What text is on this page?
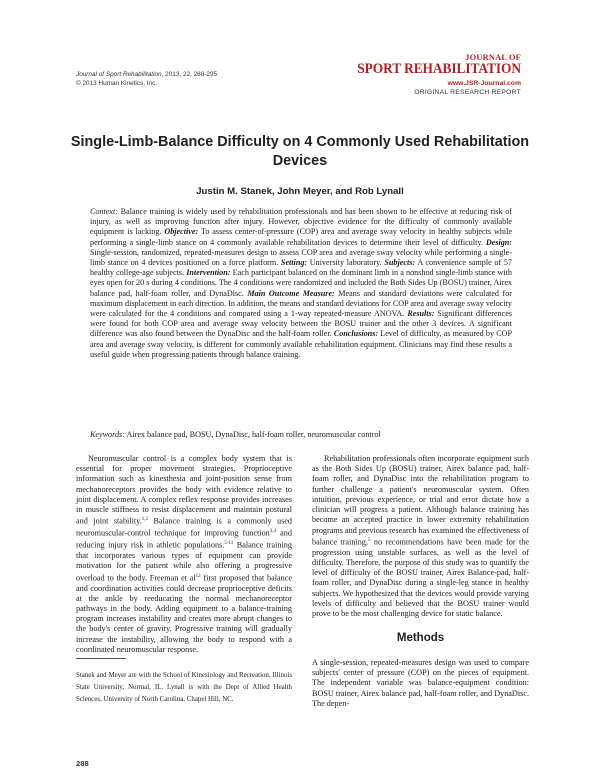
Journal of Sport Rehabilitation, 2013, 22, 288-295
© 2013 Human Kinetics, Inc.
JOURNAL OF
SPORT REHABILITATION
www.JSR-Journal.com
ORIGINAL RESEARCH REPORT
Single-Limb-Balance Difficulty on 4 Commonly Used Rehabilitation Devices
Justin M. Stanek, John Meyer, and Rob Lynall
Context: Balance training is widely used by rehabilitation professionals and has been shown to be effective at reducing risk of injury, as well as improving function after injury. However, objective evidence for the difficulty of commonly available equipment is lacking. Objective: To assess center-of-pressure (COP) area and average sway velocity in healthy subjects while performing a single-limb stance on 4 commonly available rehabilitation devices to determine their level of difficulty. Design: Single-session, randomized, repeated-measures design to assess COP area and average sway velocity while performing a single-limb stance on 4 devices positioned on a force platform. Setting: University laboratory. Subjects: A convenience sample of 57 healthy college-age subjects. Intervention: Each participant balanced on the dominant limb in a nonshod single-limb stance with eyes open for 20 s during 4 conditions. The 4 conditions were randomized and included the Both Sides Up (BOSU) trainer, Airex balance pad, half-foam roller, and DynaDisc. Main Outcome Measure: Means and standard deviations were calculated for maximum displacement in each direction. In addition, the means and standard deviations for COP area and average sway velocity were calculated for the 4 conditions and compared using a 1-way repeated-measure ANOVA. Results: Significant differences were found for both COP area and average sway velocity between the BOSU trainer and the other 3 devices. A significant difference was also found between the DynaDisc and the half-foam roller. Conclusions: Level of difficulty, as measured by COP area and average sway velocity, is different for commonly available rehabilitation equipment. Clinicians may find these results a useful guide when progressing patients through balance training.
Keywords: Airex balance pad, BOSU, DynaDisc, half-foam roller, neuromuscular control
Neuromuscular control is a complex body system that is essential for proper movement strategies. Proprioceptive information such as kinesthesia and joint-position sense from mechanoreceptors provides the body with evidence relative to joint displacement. A complex reflex response provides increases in muscle stiffness to resist displacement and maintain postural and joint stability.$^{1,2}$ Balance training is a commonly used neuromuscular-control technique for improving function$^{3,4}$ and reducing injury risk in athletic populations.$^{5-11}$ Balance training that incorporates various types of equipment can provide motivation for the patient while also offering a progressive overload to the body. Freeman et $al^{12}$ first proposed that balance and coordination activities could decrease proprioceptive deficits at the ankle by reeducating the normal mechanoreceptor pathways in the body. Adding equipment to a balance-training program increases instability and creates more abrupt changes to the body's center of gravity. Progressive training will gradually increase the instability, allowing the body to respond with a coordinated neuromuscular response.
Rehabilitation professionals often incorporate equipment such as the Both Sides Up (BOSU) trainer, Airex balance pad, half-foam roller, and DynaDisc into the rehabilitation program to further challenge a patient's neuromuscular system. Often intuition, previous experience, or trial and error dictate how a clinician will progress a patient. Although balance training has become an accepted practice in lower extremity rehabilitation programs and previous research has examined the effectiveness of balance training,$^5$ no recommendations have been made for the progression using unstable surfaces, as well as the level of difficulty. Therefore, the purpose of this study was to quantify the level of difficulty of the BOSU trainer, Airex Balance-pad, half-foam roller, and DynaDisc during a single-leg stance in healthy subjects. We hypothesized that the devices would provide varying levels of difficulty and believed that the BOSU trainer would prove to be the most challenging device for static balance.
Methods
A single-session, repeated-measures design was used to compare subjects' center of pressure (COP) on the pieces of equipment. The independent variable was balance-equipment condition: BOSU trainer, Airex balance pad, half-foam roller, and DynaDisc. The depen-
Stanek and Meyer are with the School of Kinesiology and Recreation, Illinois State University, Normal, IL. Lynall is with the Dept of Allied Health Sciences, University of North Carolina, Chapel Hill, NC.
288
